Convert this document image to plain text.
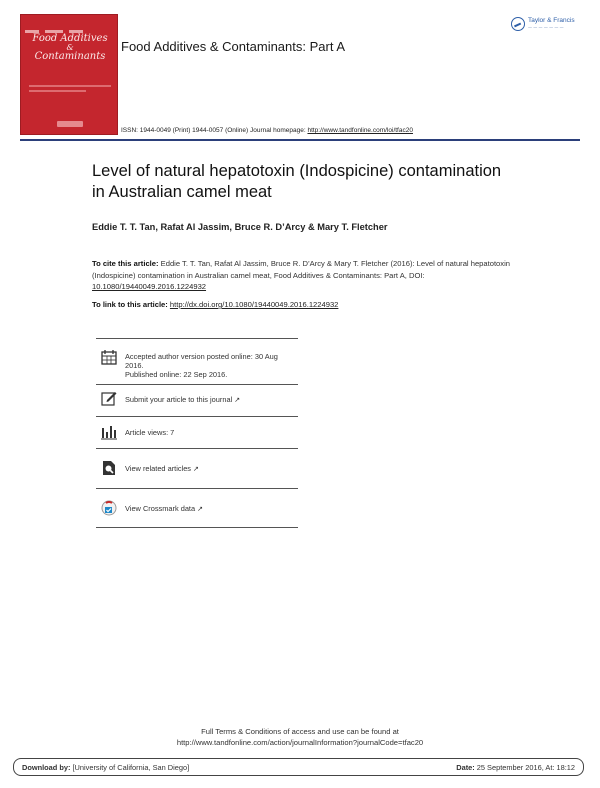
Food Additives
&
Contaminants
Food Additives & Contaminants: Part A
Taylor & Francis
— — — — — — —
ISSN: 1944-0049 (Print) 1944-0057 (Online) Journal homepage: http://www.tandfonline.com/loi/tfac20
Level of natural hepatotoxin (Indospicine) contamination in Australian camel meat
Eddie T. T. Tan, Rafat Al Jassim, Bruce R. D’Arcy & Mary T. Fletcher
To cite this article: Eddie T. T. Tan, Rafat Al Jassim, Bruce R. D’Arcy & Mary T. Fletcher (2016): Level of natural hepatotoxin (Indospicine) contamination in Australian camel meat, Food Additives & Contaminants: Part A, DOI: 10.1080/19440049.2016.1224932
To link to this article: http://dx.doi.org/10.1080/19440049.2016.1224932
Accepted author version posted online: 30 Aug 2016.
Published online: 22 Sep 2016.
Submit your article to this journal ↗
Article views: 7
View related articles ↗
View Crossmark data ↗
Full Terms & Conditions of access and use can be found at
http://www.tandfonline.com/action/journalInformation?journalCode=tfac20
Download by: [University of California, San Diego]	Date: 25 September 2016, At: 18:12
